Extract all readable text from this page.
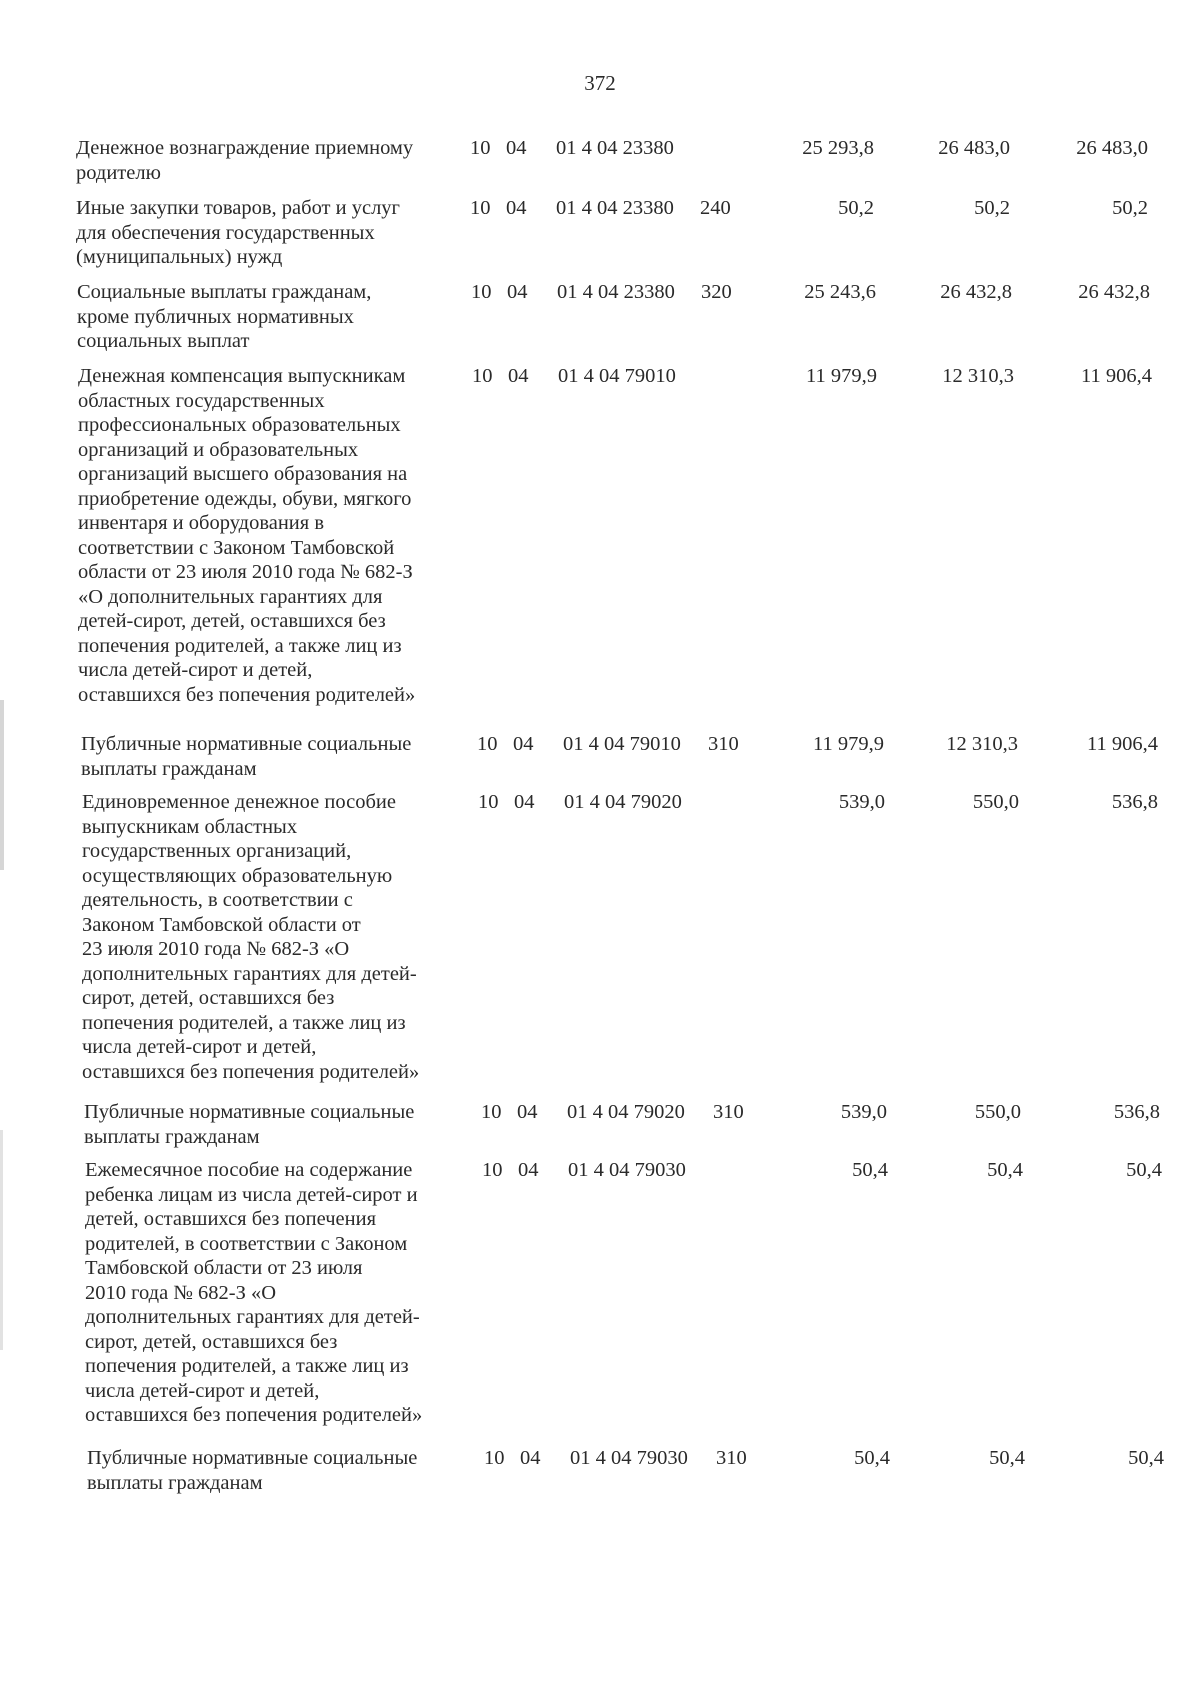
372
Денежное вознаграждение приемному
родителю
10 04 01 4 04 23380	25 293,8	26 483,0	26 483,0
Иные закупки товаров, работ и услуг
для обеспечения государственных
(муниципальных) нужд
10 04 01 4 04 23380 240	50,2	50,2	50,2
Социальные выплаты гражданам,
кроме публичных нормативных
социальных выплат
10 04 01 4 04 23380 320	25 243,6	26 432,8	26 432,8
Денежная компенсация выпускникам
областных государственных
профессиональных образовательных
организаций и образовательных
организаций высшего образования на
приобретение одежды, обуви, мягкого
инвентаря и оборудования в
соответствии с Законом Тамбовской
области от 23 июля 2010 года № 682-З
«О дополнительных гарантиях для
детей-сирот, детей, оставшихся без
попечения родителей, а также лиц из
числа детей-сирот и детей,
оставшихся без попечения родителей»
10 04 01 4 04 79010	11 979,9	12 310,3	11 906,4
Публичные нормативные социальные
выплаты гражданам
10 04 01 4 04 79010 310	11 979,9	12 310,3	11 906,4
Единовременное денежное пособие
выпускникам областных
государственных организаций,
осуществляющих образовательную
деятельность, в соответствии с
Законом Тамбовской области от
23 июля 2010 года № 682-З «О
дополнительных гарантиях для детей-
сирот, детей, оставшихся без
попечения родителей, а также лиц из
числа детей-сирот и детей,
оставшихся без попечения родителей»
10 04 01 4 04 79020	539,0	550,0	536,8
Публичные нормативные социальные
выплаты гражданам
10 04 01 4 04 79020 310	539,0	550,0	536,8
Ежемесячное пособие на содержание
ребенка лицам из числа детей-сирот и
детей, оставшихся без попечения
родителей, в соответствии с Законом
Тамбовской области от 23 июля
2010 года № 682-З «О
дополнительных гарантиях для детей-
сирот, детей, оставшихся без
попечения родителей, а также лиц из
числа детей-сирот и детей,
оставшихся без попечения родителей»
10 04 01 4 04 79030	50,4	50,4	50,4
Публичные нормативные социальные
выплаты гражданам
10 04 01 4 04 79030 310	50,4	50,4	50,4
